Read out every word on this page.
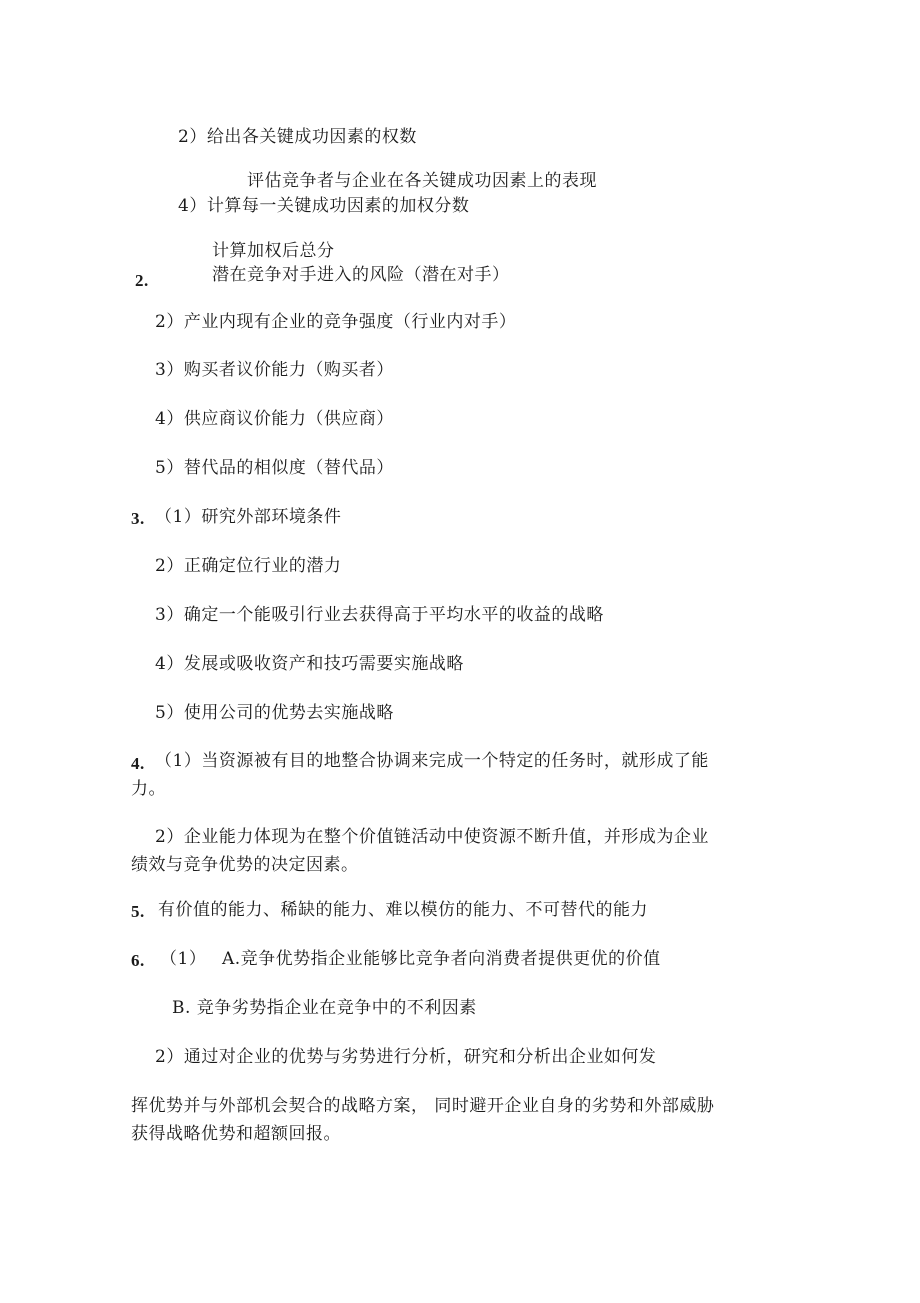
2）给出各关键成功因素的权数
评估竞争者与企业在各关键成功因素上的表现
4）计算每一关键成功因素的加权分数
计算加权后总分
2.	潜在竞争对手进入的风险（潜在对手）
2）产业内现有企业的竞争强度（行业内对手）
3）购买者议价能力（购买者）
4）供应商议价能力（供应商）
5）替代品的相似度（替代品）
3. （1）研究外部环境条件
2）正确定位行业的潜力
3）确定一个能吸引行业去获得高于平均水平的收益的战略
4）发展或吸收资产和技巧需要实施战略
5）使用公司的优势去实施战略
4. （1）当资源被有目的地整合协调来完成一个特定的任务时，就形成了能力。
2）企业能力体现为在整个价值链活动中使资源不断升值，并形成为企业绩效与竞争优势的决定因素。
5. 有价值的能力、稀缺的能力、难以模仿的能力、不可替代的能力
6. （1） A.竞争优势指企业能够比竞争者向消费者提供更优的价值
B. 竞争劣势指企业在竞争中的不利因素
2）通过对企业的优势与劣势进行分析，研究和分析出企业如何发
挥优势并与外部机会契合的战略方案， 同时避开企业自身的劣势和外部威胁获得战略优势和超额回报。
